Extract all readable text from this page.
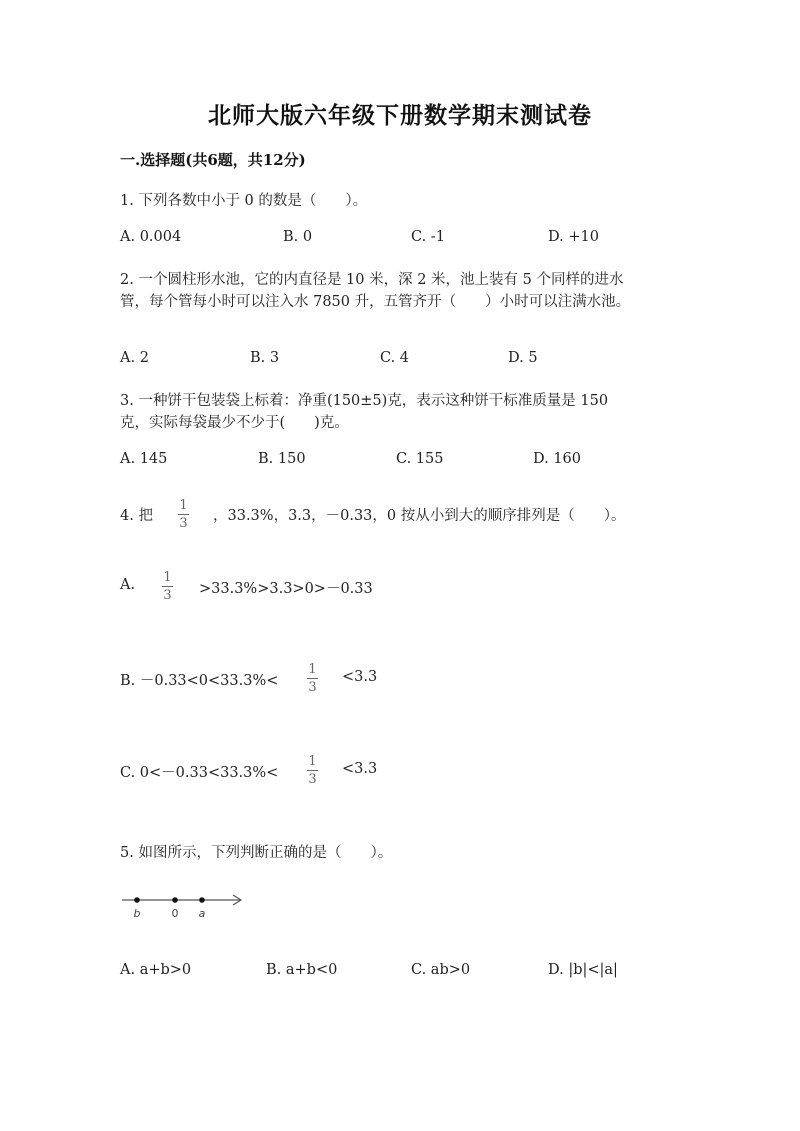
北师大版六年级下册数学期末测试卷
一.选择题(共6题，共12分)
1. 下列各数中小于 0 的数是（　　）。
A. 0.004	B. 0	C. -1	D. +10
2. 一个圆柱形水池，它的内直径是 10 米，深 2 米，池上装有 5 个同样的进水
管，每个管每小时可以注入水 7850 升，五管齐开（　　）小时可以注满水池。
A. 2	B. 3	C. 4	D. 5
3. 一种饼干包装袋上标着：净重(150±5)克，表示这种饼干标准质量是 150
克，实际每袋最少不少于(　　)克。
A. 145	B. 150	C. 155	D. 160
4. 把
1
3 ，33.3%，3.3，－0.33，0 按从小到大的顺序排列是（　　）。
A. 1
3 >33.3%>3.3>0>－0.33
B. －0.33<0<33.3%<
1
3
<3.3
C. 0<－0.33<33.3%<
1
3
<3.3
5. 如图所示，下列判断正确的是（　　）。
b	0 a
A. a+b>0	B. a+b<0	C. ab>0	D. |b|<|a|
